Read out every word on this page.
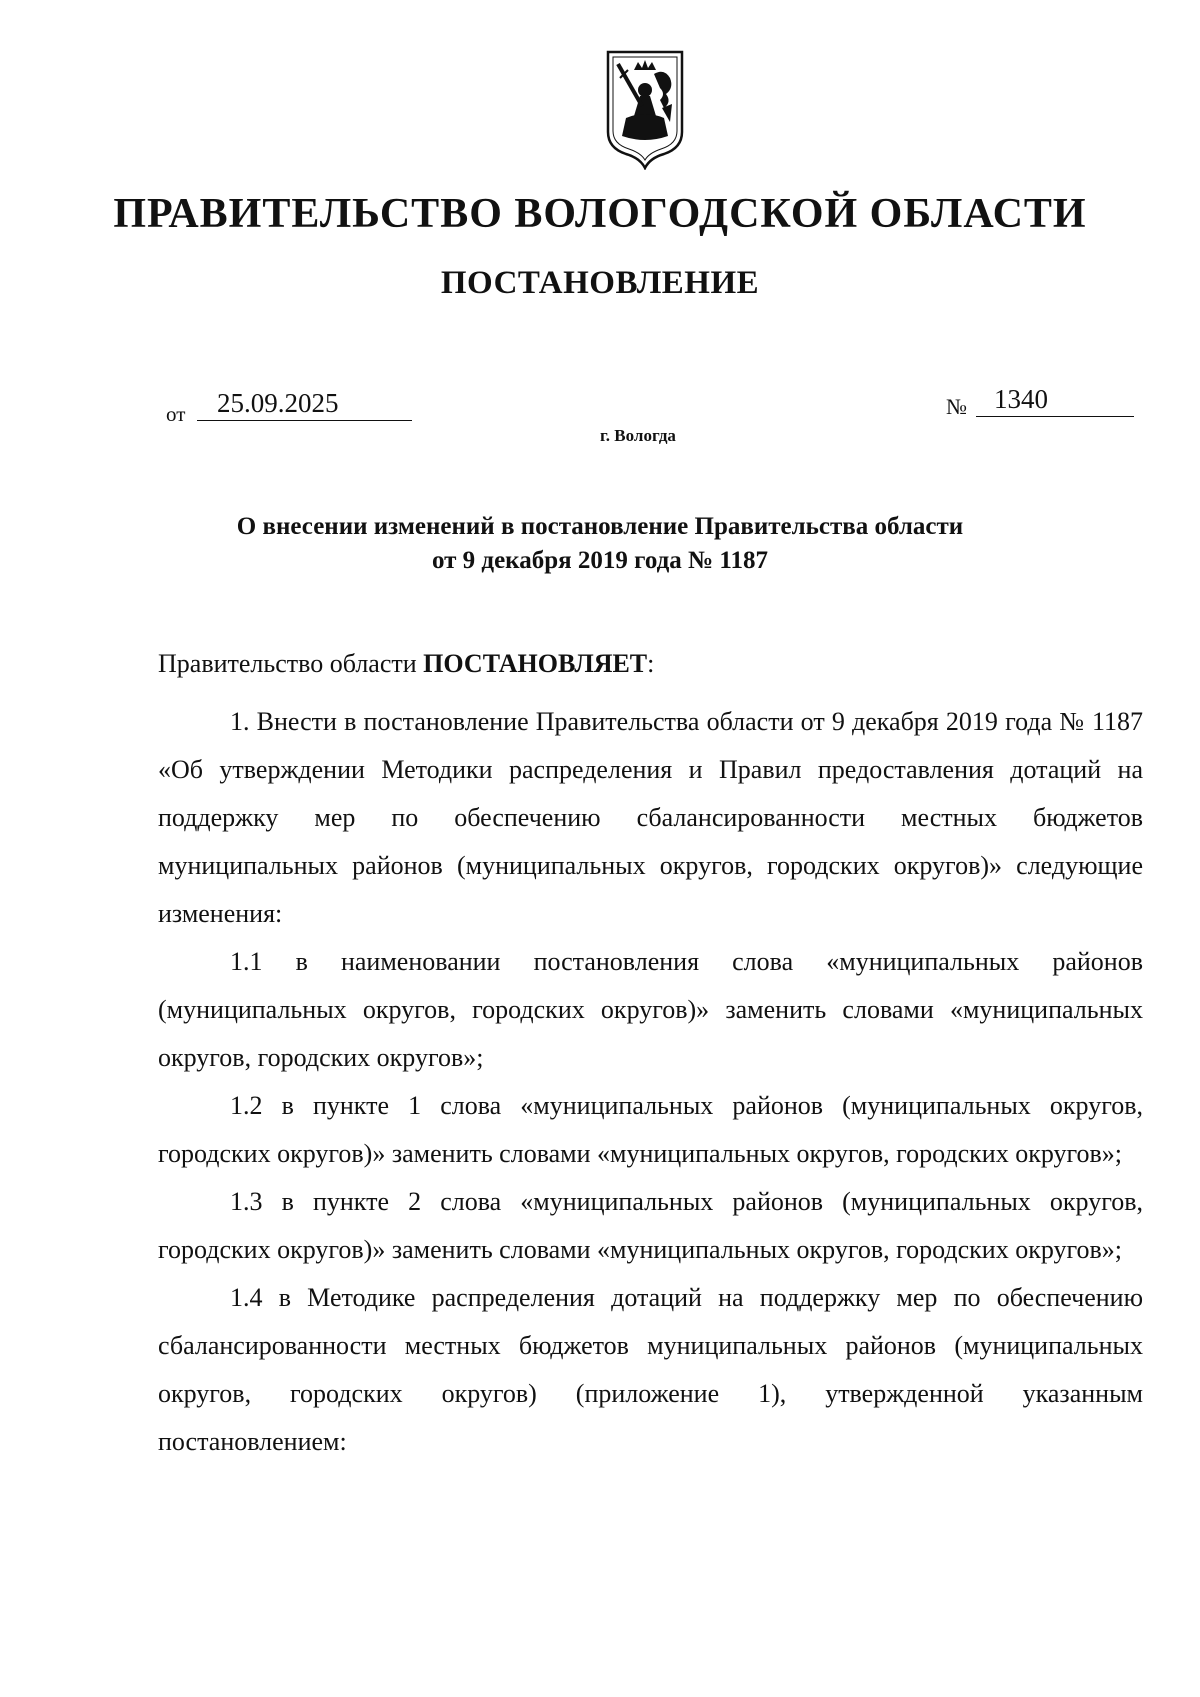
ПРАВИТЕЛЬСТВО ВОЛОГОДСКОЙ ОБЛАСТИ
ПОСТАНОВЛЕНИЕ
от	25.09.2025	№	1340
г. Вологда
О внесении изменений в постановление Правительства области
от 9 декабря 2019 года № 1187

Правительство области ПОСТАНОВЛЯЕТ:

1. Внести в постановление Правительства области от 9 декабря 2019 года № 1187 «Об утверждении Методики распределения и Правил предоставления дотаций на поддержку мер по обеспечению сбалансированности местных бюджетов муниципальных районов (муниципальных округов, городских округов)» следующие изменения:

1.1 в наименовании постановления слова «муниципальных районов (муниципальных округов, городских округов)» заменить словами «муниципальных округов, городских округов»;

1.2 в пункте 1 слова «муниципальных районов (муниципальных округов, городских округов)» заменить словами «муниципальных округов, городских округов»;

1.3 в пункте 2 слова «муниципальных районов (муниципальных округов, городских округов)» заменить словами «муниципальных округов, городских округов»;

1.4 в Методике распределения дотаций на поддержку мер по обеспечению сбалансированности местных бюджетов муниципальных районов (муниципальных округов, городских округов) (приложение 1), утвержденной указанным постановлением:
